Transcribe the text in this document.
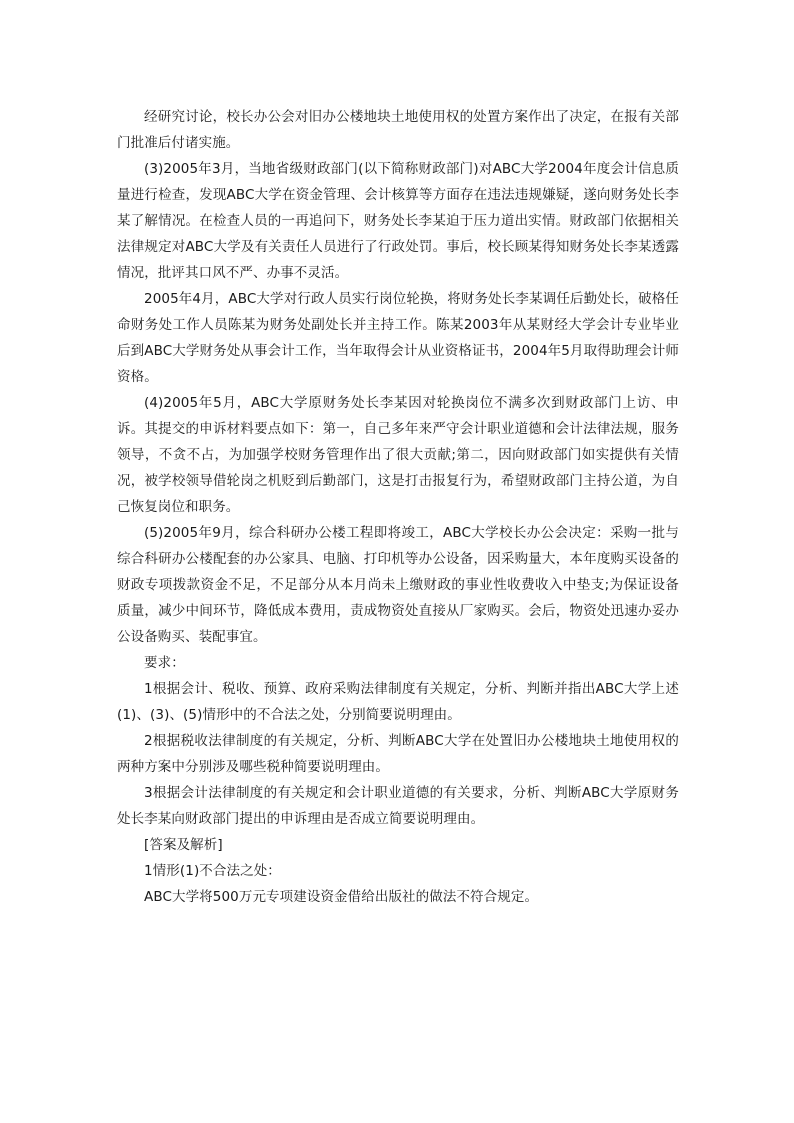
经研究讨论，校长办公会对旧办公楼地块土地使用权的处置方案作出了决定，在报有关部门批准后付诸实施。

(3)2005年3月，当地省级财政部门(以下简称财政部门)对ABC大学2004年度会计信息质量进行检查，发现ABC大学在资金管理、会计核算等方面存在违法违规嫌疑，遂向财务处长李某了解情况。在检查人员的一再追问下，财务处长李某迫于压力道出实情。财政部门依据相关法律规定对ABC大学及有关责任人员进行了行政处罚。事后，校长顾某得知财务处长李某透露情况，批评其口风不严、办事不灵活。

2005年4月，ABC大学对行政人员实行岗位轮换，将财务处长李某调任后勤处长，破格任命财务处工作人员陈某为财务处副处长并主持工作。陈某2003年从某财经大学会计专业毕业后到ABC大学财务处从事会计工作，当年取得会计从业资格证书，2004年5月取得助理会计师资格。

(4)2005年5月，ABC大学原财务处长李某因对轮换岗位不满多次到财政部门上访、申诉。其提交的申诉材料要点如下：第一，自己多年来严守会计职业道德和会计法律法规，服务领导，不贪不占，为加强学校财务管理作出了很大贡献;第二，因向财政部门如实提供有关情况，被学校领导借轮岗之机贬到后勤部门，这是打击报复行为，希望财政部门主持公道，为自己恢复岗位和职务。

(5)2005年9月，综合科研办公楼工程即将竣工，ABC大学校长办公会决定：采购一批与综合科研办公楼配套的办公家具、电脑、打印机等办公设备，因采购量大，本年度购买设备的财政专项拨款资金不足，不足部分从本月尚未上缴财政的事业性收费收入中垫支;为保证设备质量，减少中间环节，降低成本费用，责成物资处直接从厂家购买。会后，物资处迅速办妥办公设备购买、装配事宜。

要求：

1根据会计、税收、预算、政府采购法律制度有关规定，分析、判断并指出ABC大学上述(1)、(3)、(5)情形中的不合法之处，分别简要说明理由。

2根据税收法律制度的有关规定，分析、判断ABC大学在处置旧办公楼地块土地使用权的两种方案中分别涉及哪些税种简要说明理由。

3根据会计法律制度的有关规定和会计职业道德的有关要求，分析、判断ABC大学原财务处长李某向财政部门提出的申诉理由是否成立简要说明理由。

[答案及解析]

1情形(1)不合法之处：

ABC大学将500万元专项建设资金借给出版社的做法不符合规定。
